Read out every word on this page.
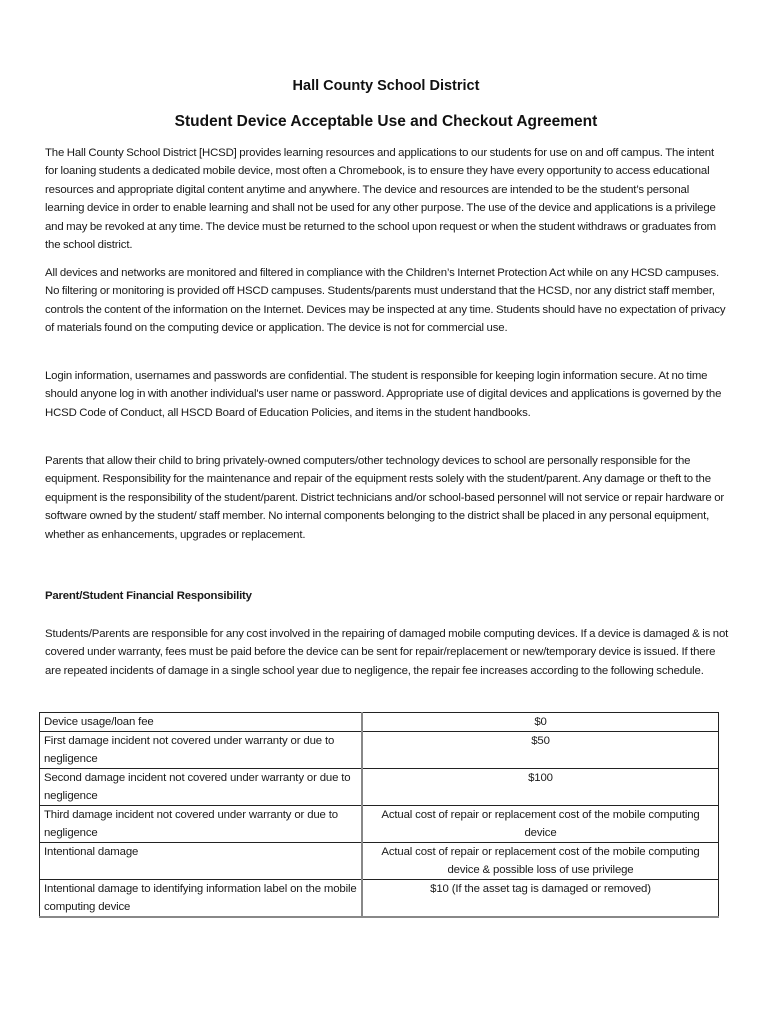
Hall County School District
Student Device Acceptable Use and Checkout Agreement

The Hall County School District [HCSD] provides learning resources and applications to our students for use on and off campus. The intent for loaning students a dedicated mobile device, most often a Chromebook, is to ensure they have every opportunity to access educational resources and appropriate digital content anytime and anywhere. The device and resources are intended to be the student’s personal learning device in order to enable learning and shall not be used for any other purpose. The use of the device and applications is a privilege and may be revoked at any time. The device must be returned to the school upon request or when the student withdraws or graduates from the school district.

All devices and networks are monitored and filtered in compliance with the Children’s Internet Protection Act while on any HCSD campuses. No filtering or monitoring is provided off HSCD campuses. Students/parents must understand that the HCSD, nor any district staff member, controls the content of the information on the Internet. Devices may be inspected at any time. Students should have no expectation of privacy of materials found on the computing device or application. The device is not for commercial use.

Login information, usernames and passwords are confidential. The student is responsible for keeping login information secure. At no time should anyone log in with another individual's user name or password. Appropriate use of digital devices and applications is governed by the HCSD Code of Conduct, all HSCD Board of Education Policies, and items in the student handbooks.

Parents that allow their child to bring privately-owned computers/other technology devices to school are personally responsible for the equipment. Responsibility for the maintenance and repair of the equipment rests solely with the student/parent. Any damage or theft to the equipment is the responsibility of the student/parent. District technicians and/or school-based personnel will not service or repair hardware or software owned by the student/ staff member. No internal components belonging to the district shall be placed in any personal equipment, whether as enhancements, upgrades or replacement.

Parent/Student Financial Responsibility

Students/Parents are responsible for any cost involved in the repairing of damaged mobile computing devices. If a device is damaged & is not covered under warranty, fees must be paid before the device can be sent for repair/replacement or new/temporary device is issued. If there are repeated incidents of damage in a single school year due to negligence, the repair fee increases according to the following schedule.

Device usage/loan fee	$0
First damage incident not covered under warranty or due to negligence	$50
Second damage incident not covered under warranty or due to negligence	$100
Third damage incident not covered under warranty or due to negligence	Actual cost of repair or replacement cost of the mobile computing device
Intentional damage	Actual cost of repair or replacement cost of the mobile computing device & possible loss of use privilege
Intentional damage to identifying information label on the mobile computing device	$10 (If the asset tag is damaged or removed)
